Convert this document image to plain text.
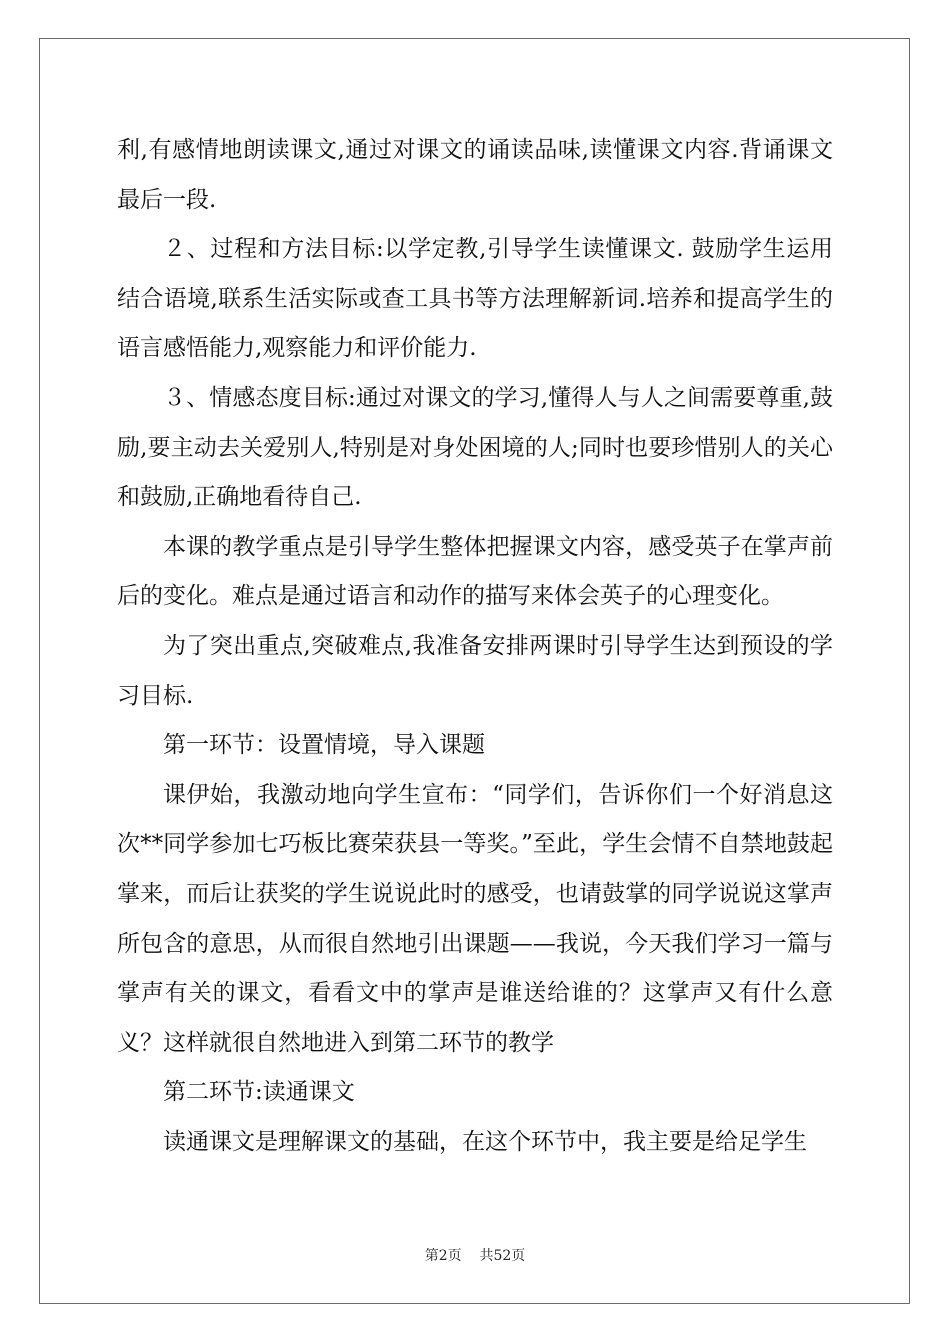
利,有感情地朗读课文,通过对课文的诵读品味,读懂课文内容.背诵课文最后一段.

２、过程和方法目标:以学定教,引导学生读懂课文. 鼓励学生运用结合语境,联系生活实际或查工具书等方法理解新词.培养和提高学生的语言感悟能力,观察能力和评价能力.

３、情感态度目标:通过对课文的学习,懂得人与人之间需要尊重,鼓励,要主动去关爱别人,特别是对身处困境的人;同时也要珍惜别人的关心和鼓励,正确地看待自己.

本课的教学重点是引导学生整体把握课文内容，感受英子在掌声前后的变化。难点是通过语言和动作的描写来体会英子的心理变化。

为了突出重点,突破难点,我准备安排两课时引导学生达到预设的学习目标.

第一环节：设置情境，导入课题

课伊始，我激动地向学生宣布：“同学们，告诉你们一个好消息这次**同学参加七巧板比赛荣获县一等奖。”至此，学生会情不自禁地鼓起掌来，而后让获奖的学生说说此时的感受，也请鼓掌的同学说说这掌声所包含的意思，从而很自然地引出课题——我说，今天我们学习一篇与掌声有关的课文，看看文中的掌声是谁送给谁的？这掌声又有什么意义？这样就很自然地进入到第二环节的教学

第二环节:读通课文

读通课文是理解课文的基础，在这个环节中，我主要是给足学生

第2页 共52页
